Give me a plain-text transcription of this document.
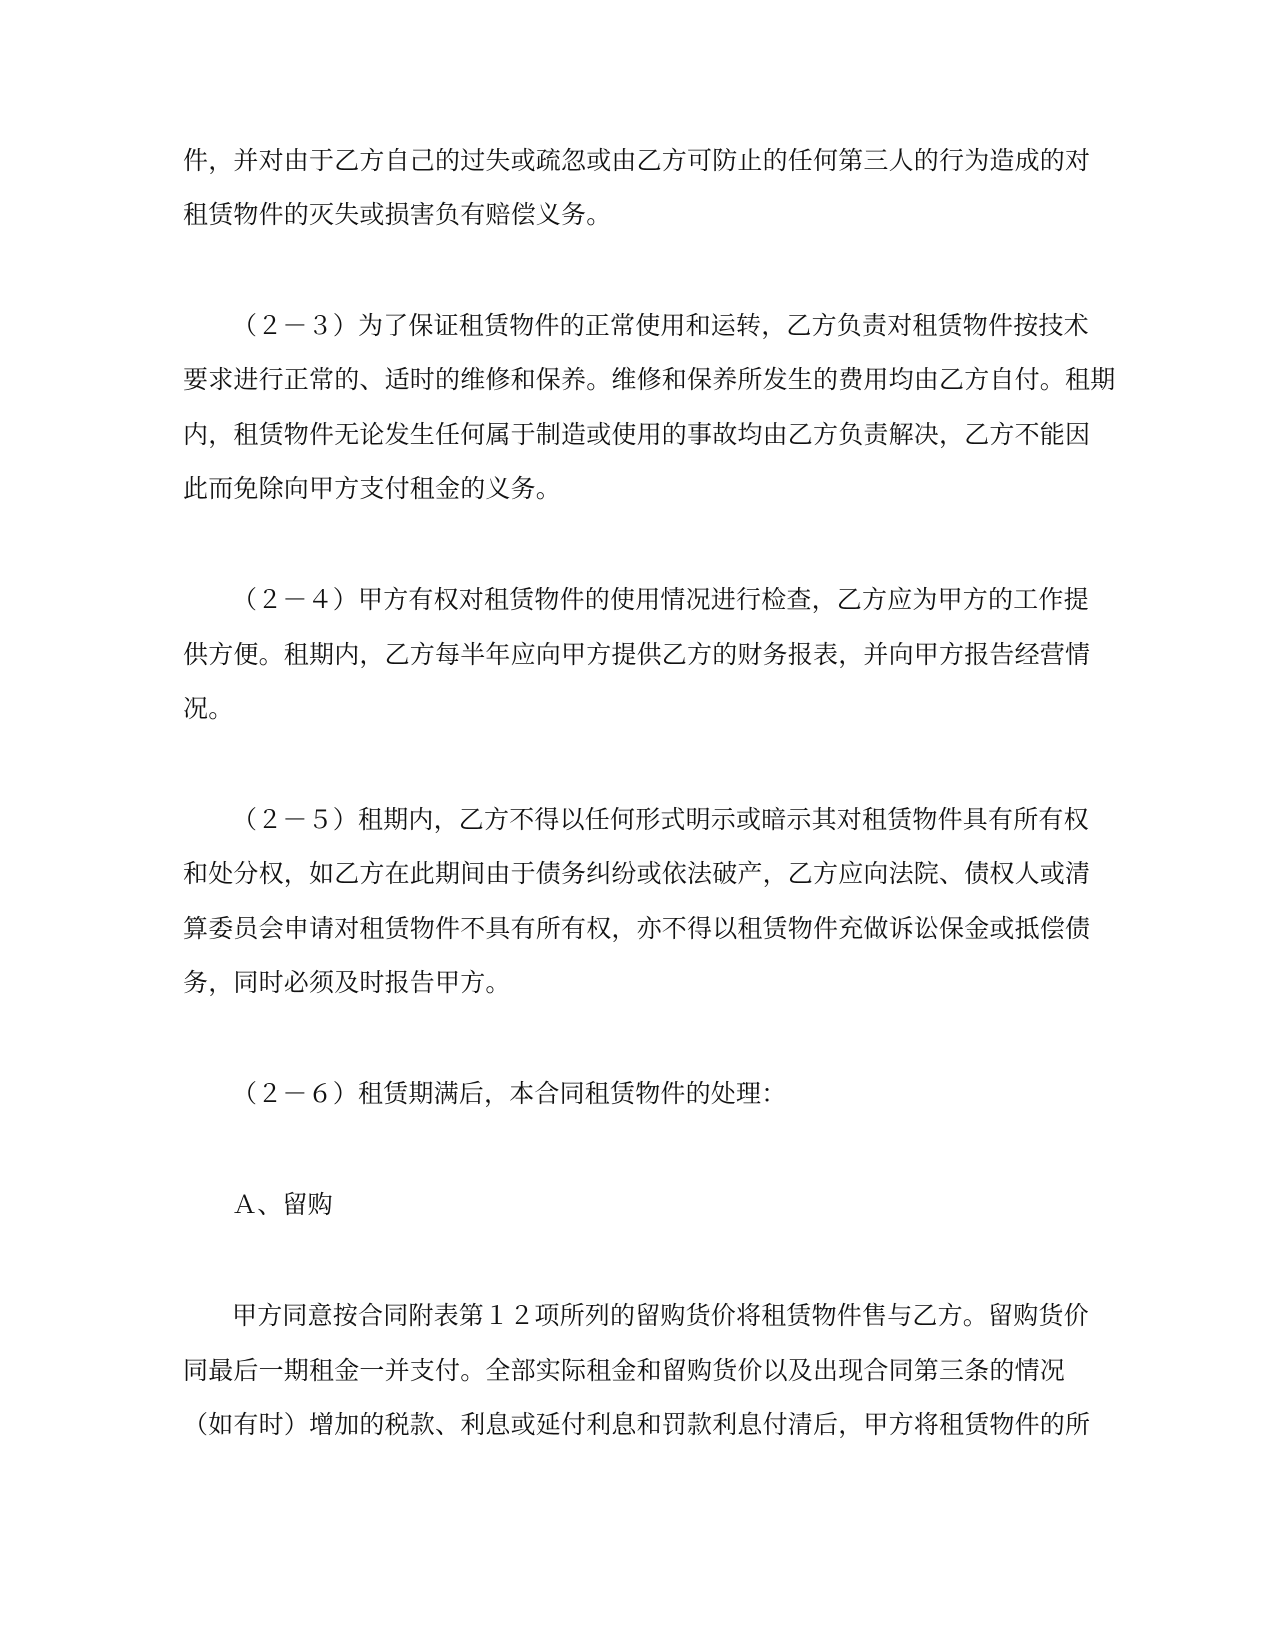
件，并对由于乙方自己的过失或疏忽或由乙方可防止的任何第三人的行为造成的对
租赁物件的灭失或损害负有赔偿义务。
（２－３）为了保证租赁物件的正常使用和运转，乙方负责对租赁物件按技术
要求进行正常的、适时的维修和保养。维修和保养所发生的费用均由乙方自付。租期
内，租赁物件无论发生任何属于制造或使用的事故均由乙方负责解决，乙方不能因
此而免除向甲方支付租金的义务。
（２－４）甲方有权对租赁物件的使用情况进行检查，乙方应为甲方的工作提
供方便。租期内，乙方每半年应向甲方提供乙方的财务报表，并向甲方报告经营情
况。
（２－５）租期内，乙方不得以任何形式明示或暗示其对租赁物件具有所有权
和处分权，如乙方在此期间由于债务纠纷或依法破产，乙方应向法院、债权人或清
算委员会申请对租赁物件不具有所有权，亦不得以租赁物件充做诉讼保金或抵偿债
务，同时必须及时报告甲方。
（２－６）租赁期满后，本合同租赁物件的处理：
Ａ、留购
甲方同意按合同附表第１２项所列的留购货价将租赁物件售与乙方。留购货价
同最后一期租金一并支付。全部实际租金和留购货价以及出现合同第三条的情况
（如有时）增加的税款、利息或延付利息和罚款利息付清后，甲方将租赁物件的所
